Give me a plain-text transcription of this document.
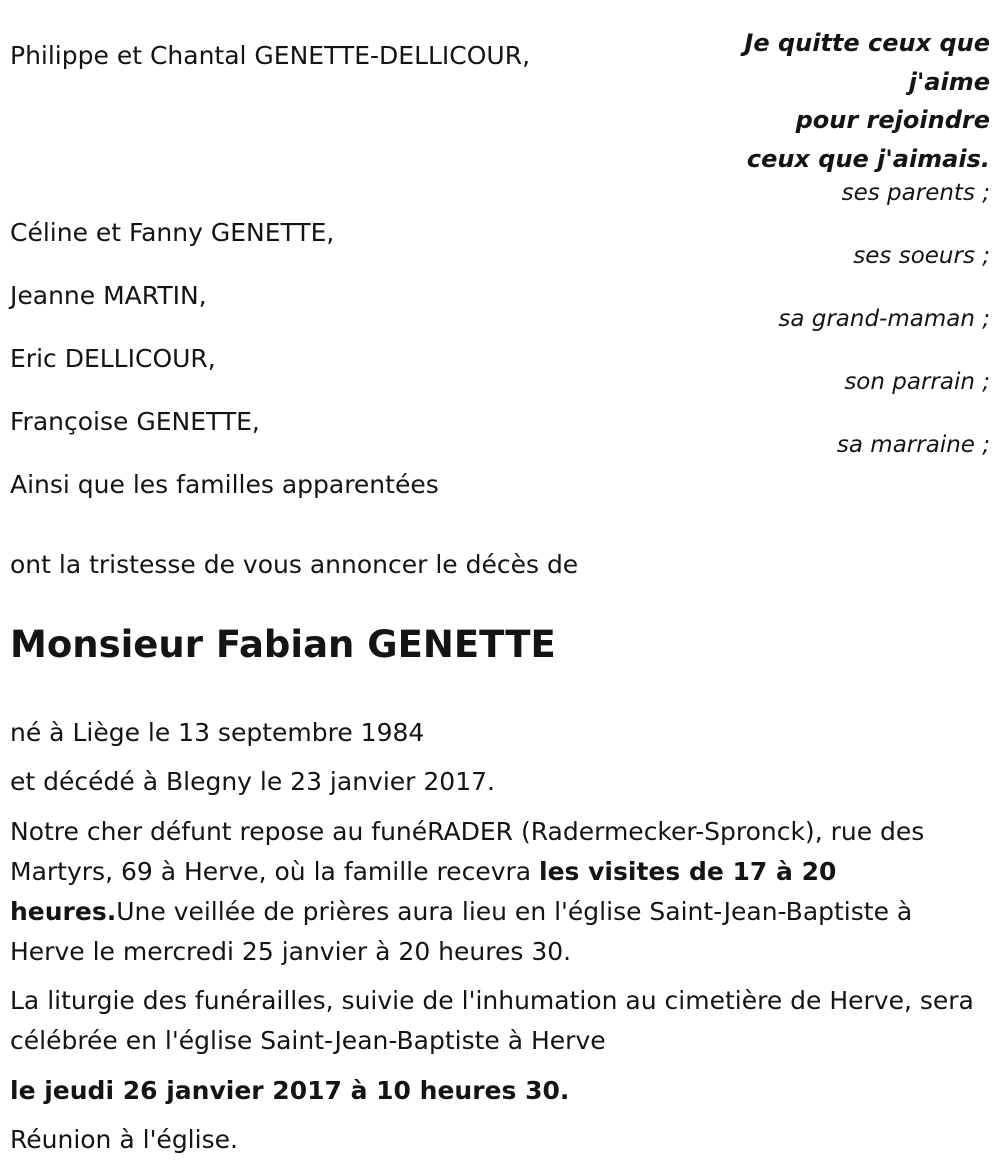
Je quitte ceux que
j'aime
pour rejoindre
ceux que j'aimais.
Philippe et Chantal GENETTE-DELLICOUR,
ses parents ;
Céline et Fanny GENETTE,
ses soeurs ;
Jeanne MARTIN,
sa grand-maman ;
Eric DELLICOUR,
son parrain ;
Françoise GENETTE,
sa marraine ;
Ainsi que les familles apparentées
ont la tristesse de vous annoncer le décès de
Monsieur Fabian GENETTE
né à Liège le 13 septembre 1984
et décédé à Blegny le 23 janvier 2017.
Notre cher défunt repose au funéRADER (Radermecker-Spronck), rue des Martyrs, 69 à Herve, où la famille recevra les visites de 17 à 20 heures.Une veillée de prières aura lieu en l'église Saint-Jean-Baptiste à Herve le mercredi 25 janvier à 20 heures 30.
La liturgie des funérailles, suivie de l'inhumation au cimetière de Herve, sera célébrée en l'église Saint-Jean-Baptiste à Herve
le jeudi 26 janvier 2017 à 10 heures 30.
Réunion à l'église.
